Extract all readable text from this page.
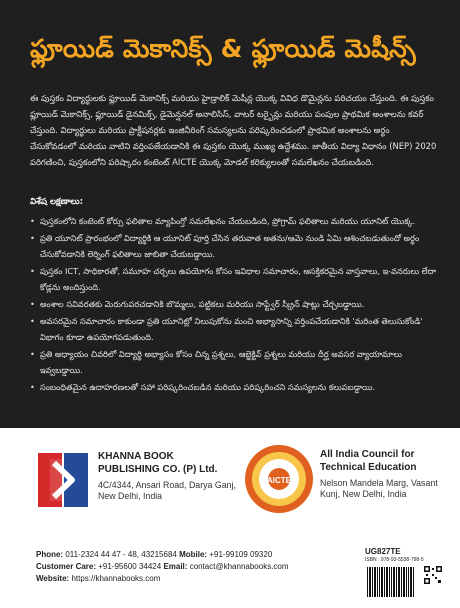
ఫ్లూయిడ్ మెకానిక్స్ & ఫ్లూయిడ్ మెషీన్స్
ఈ పుస్తకం విద్యార్థులకు ఫ్లూయిడ్ మెకానిక్స్ మరియు హైడ్రాలిక్ మెషీన్ల యొక్క వివిధ డొమైన్లను పరిచయం చేస్తుంది. ఈ పుస్తకం ఫ్లూయిడ్ మెకానిక్స్, ఫ్లూయిడ్ డైనమిక్స్, డైమెన్షనల్ అనాలిసిస్, వాటర్ టర్బైన్లు మరియు పంపుల ప్రాథమిక అంశాలను కవర్ చేస్తుంది. విద్యార్థులు మరియు ప్రాక్టీషనర్లకు ఇంజినీరింగ్ సమస్యలను పరిష్కరించడంలో ప్రాథమిక అంశాలను అర్థం చేసుకోవడంలో మరియు వాటిని వర్తింపజేయడానికి ఈ పుస్తకం యొక్క ముఖ్య ఉద్దేశము. జాతీయ విద్యా విధానం (NEP) 2020 పరిగణించి, పుస్తకంలోని పరిష్కారం కంటెంట్ AICTE యొక్క మోడల్ కరిక్యులంతో సమలేఖనం చేయబడింది.
విశేష లక్షణాలు:
• పుస్తకంలోని కంటెంట్ కోర్సు ఫలితాల మ్యాపింగ్తో సమలేఖనం చేయబడింది, ప్రోగ్రామ్ ఫలితాలు మరియు యూనిట్ యొక్క.
• ప్రతి యూనిట్ ప్రారంభంలో విద్యార్థికి ఆ యూనిట్ పూర్తి చేసిన తరువాత అతను/ఆమె నుండి ఏమి ఆశించబడుతుందో అర్థం చేసుకోవడానికి లెర్నింగ్ ఫలితాలు జాబితా చేయబడ్డాయి.
• పుస్తకం ICT, సాధికారతో, సమూహ చర్చలు ఉపయోగం కోసం ఇవిధాల సమాచారం, ఆసక్తికరమైన వాస్తవాలు, ఇ-వనరులు లేదా కోడ్లను అందిస్తుంది.
• అంశాల సవివరతకు మెరుగుపరచడానికి బొమ్మలు, పట్టికలు మరియు సాఫ్ట్వేర్ స్క్రీన్ షాట్లు చేర్చబడ్డాయి.
• అవసరమైన సమాచారం కాకుండా ప్రతి యూనిట్లో నిలుపుకోను మంచి అభ్యాసాన్ని వర్తింపచేయడానికి 'మరింత తెలుసుకోండి' విభాగం కూడా ఉపయోగపడుతుంది.
• ప్రతి అధ్యాయం చివరిలో విద్యార్థి అభ్యాసం కోసం చిన్న ప్రశ్నలు, ఆబ్జెక్టివ్ ప్రశ్నలు మరియు దీర్ఘ అవసర వ్యాయామాలు ఇవ్వబడ్డాయి.
• సంబంధితమైన ఉదాహరణలతో సహా పరిష్కరించబడిన మరియు పరిష్కరించని సమస్యలను కలుపబడ్డాయి.
KHANNA BOOK PUBLISHING CO. (P) Ltd.
4C/4344, Ansari Road, Darya Ganj, New Delhi, India
AICTE
All India Council for Technical Education
Nelson Mandela Marg, Vasant Kunj, New Delhi, India
Phone: 011-2324 44 47 - 48, 43215684 Mobile: +91-99109 09320
Customer Care: +91-95600 34424 Email: contact@khannabooks.com
Website: https://khannabooks.com
UG827TE
ISBN : 978-93-5538-798-5
